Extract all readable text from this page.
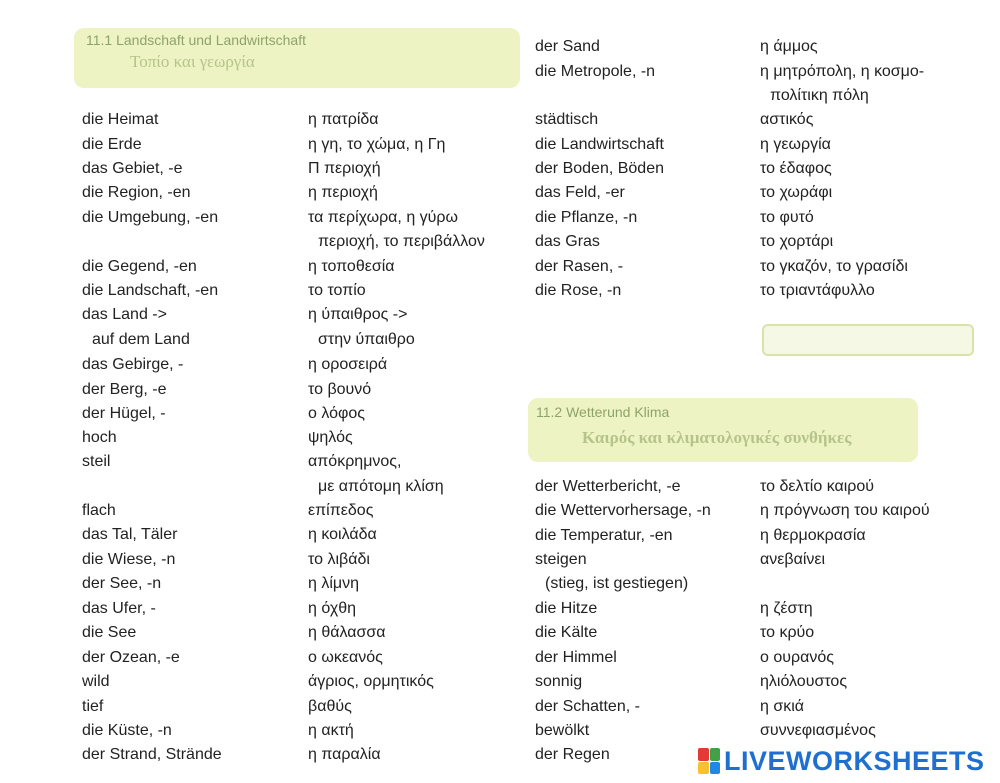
11.1 Landschaft und Landwirtschaft
Τοπίο και γεωργία
11.2 Wetterund Klima
Καιρός και κλιματολογικές συνθήκες
die Heimat
die Erde
das Gebiet, -e
die Region, -en
die Umgebung, -en
die Gegend, -en
die Landschaft, -en
das Land ->
auf dem Land
das Gebirge, -
der Berg, -e
der Hügel, -
hoch
steil
flach
das Tal, Täler
die Wiese, -n
der See, -n
das Ufer, -
die See
der Ozean, -e
wild
tief
die Küste, -n
der Strand, Strände
η πατρίδα
η γη, το χώμα, η Γη
Π περιοχή
η περιοχή
τα περίχωρα, η γύρω
περιοχή, το περιβάλλον
η τοποθεσία
το τοπίο
η ύπαιθρος ->
στην ύπαιθρο
η οροσειρά
το βουνό
ο λόφος
ψηλός
απόκρημνος,
με απότομη κλίση
επίπεδος
η κοιλάδα
το λιβάδι
η λίμνη
η όχθη
η θάλασσα
ο ωκεανός
άγριος, ορμητικός
βαθύς
η ακτή
η παραλία
der Sand
die Metropole, -n
städtisch
die Landwirtschaft
der Boden, Böden
das Feld, -er
die Pflanze, -n
das Gras
der Rasen, -
die Rose, -n
der Wetterbericht, -e
die Wettervorhersage, -n
die Temperatur, -en
steigen
(stieg, ist gestiegen)
die Hitze
die Kälte
der Himmel
sonnig
der Schatten, -
bewölkt
der Regen
η άμμος
η μητρόπολη, η κοσμο-
πολίτικη πόλη
αστικός
η γεωργία
το έδαφος
το χωράφι
το φυτό
το χορτάρι
το γκαζόν, το γρασίδι
το τριαντάφυλλο
το δελτίο καιρού
η πρόγνωση του καιρού
η θερμοκρασία
ανεβαίνει
η ζέστη
το κρύο
ο ουρανός
ηλιόλουστος
η σκιά
συννεφιασμένος
LIVEWORKSHEETS
